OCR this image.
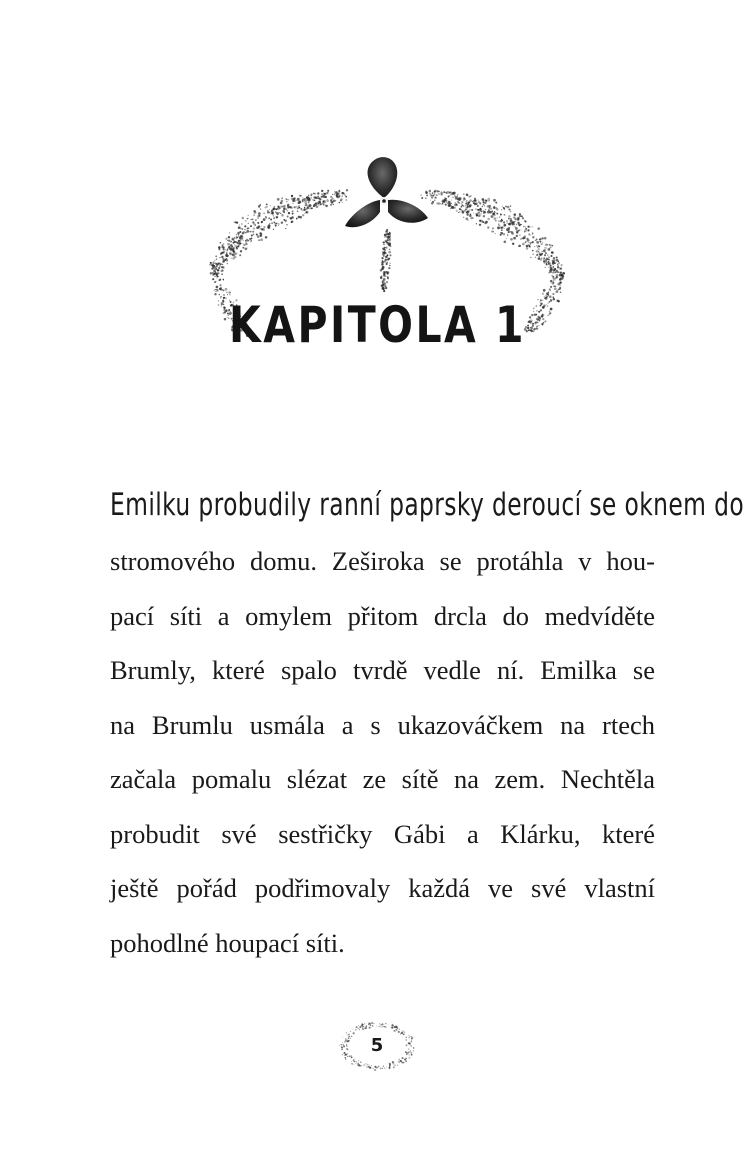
KAPITOLA 1
Emilku probudily ranní paprsky deroucí se oknem do
stromového domu. Zeširoka se protáhla v hou-
pací síti a omylem přitom drcla do medvíděte
Brumly, které spalo tvrdě vedle ní. Emilka se
na Brumlu usmála a s ukazováčkem na rtech
začala pomalu slézat ze sítě na zem. Nechtěla
probudit své sestřičky Gábi a Klárku, které
ještě pořád podřimovaly každá ve své vlastní
pohodlné houpací síti.
5
